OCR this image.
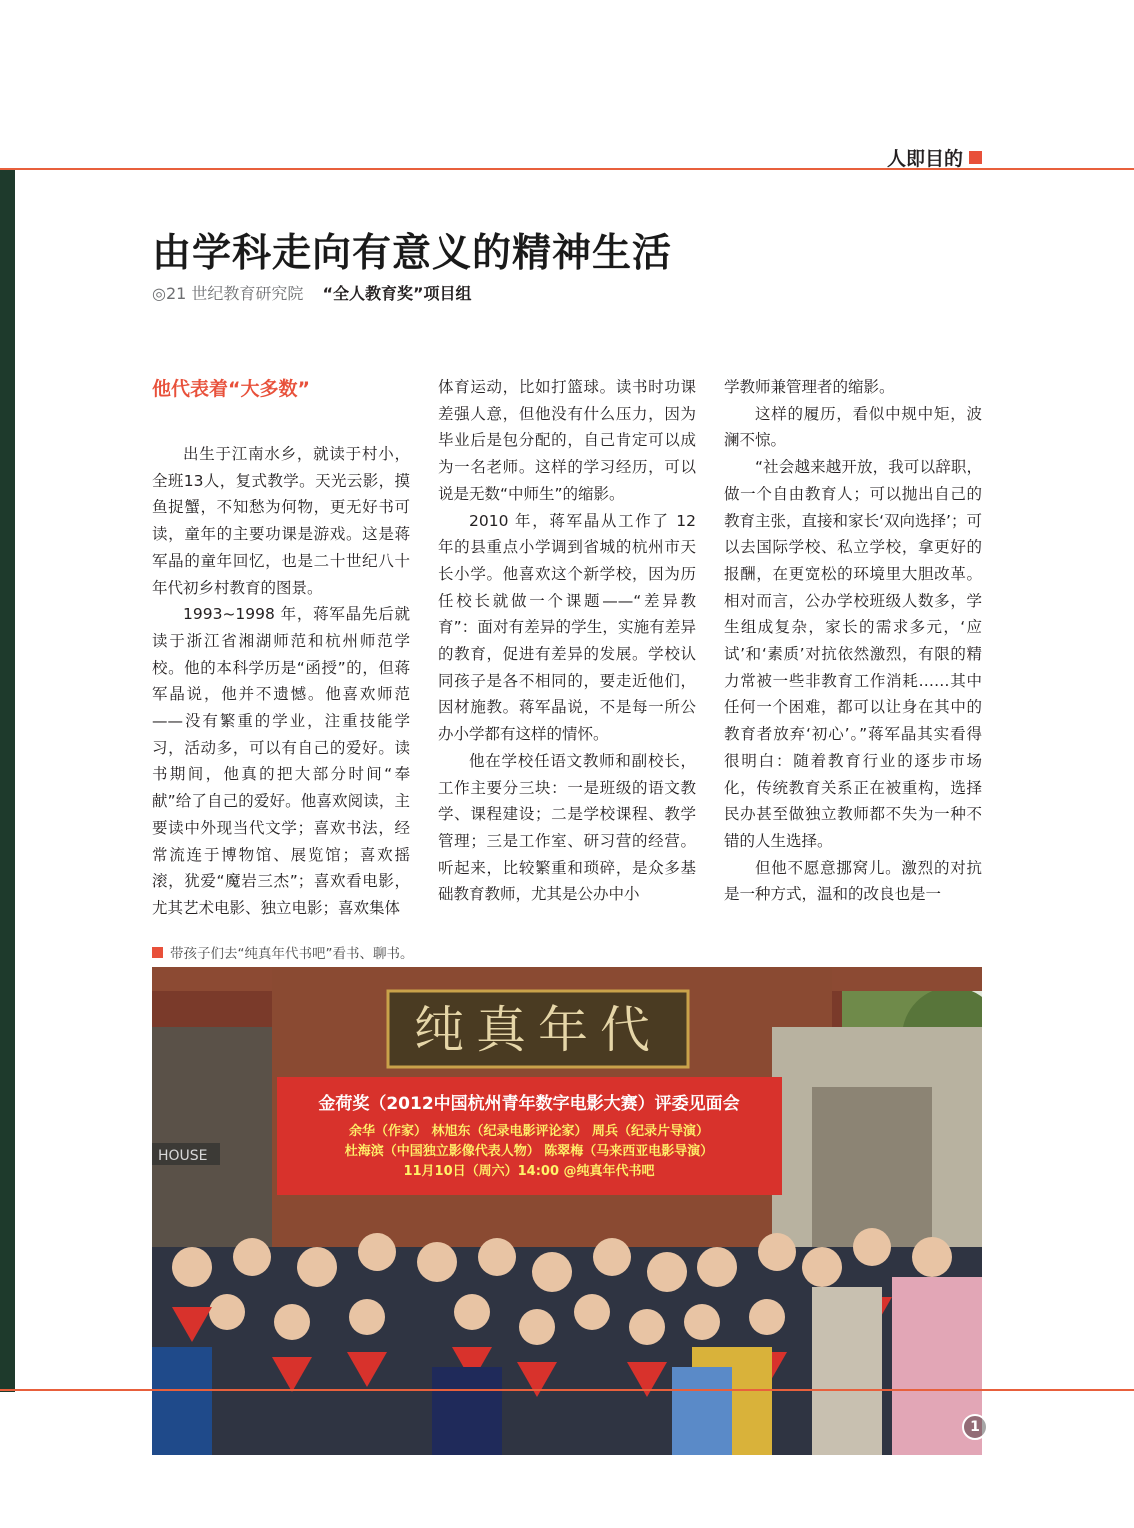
人即目的
由学科走向有意义的精神生活
◎21 世纪教育研究院 “全人教育奖”项目组
他代表着“大多数”

出生于江南水乡，就读于村小，全班13人，复式教学。天光云影，摸鱼捉蟹，不知愁为何物，更无好书可读，童年的主要功课是游戏。这是蒋军晶的童年回忆，也是二十世纪八十年代初乡村教育的图景。

1993~1998 年，蒋军晶先后就读于浙江省湘湖师范和杭州师范学校。他的本科学历是“函授”的，但蒋军晶说，他并不遗憾。他喜欢师范——没有繁重的学业，注重技能学习，活动多，可以有自己的爱好。读书期间，他真的把大部分时间“奉献”给了自己的爱好。他喜欢阅读，主要读中外现当代文学；喜欢书法，经常流连于博物馆、展览馆；喜欢摇滚，犹爱“魔岩三杰”；喜欢看电影，尤其艺术电影、独立电影；喜欢集体

体育运动，比如打篮球。读书时功课差强人意，但他没有什么压力，因为毕业后是包分配的，自己肯定可以成为一名老师。这样的学习经历，可以说是无数“中师生”的缩影。

2010 年，蒋军晶从工作了 12 年的县重点小学调到省城的杭州市天长小学。他喜欢这个新学校，因为历任校长就做一个课题——“差异教育”：面对有差异的学生，实施有差异的教育，促进有差异的发展。学校认同孩子是各不相同的，要走近他们，因材施教。蒋军晶说，不是每一所公办小学都有这样的情怀。

他在学校任语文教师和副校长，工作主要分三块：一是班级的语文教学、课程建设；二是学校课程、教学管理；三是工作室、研习营的经营。听起来，比较繁重和琐碎，是众多基础教育教师，尤其是公办中小

学教师兼管理者的缩影。

这样的履历，看似中规中矩，波澜不惊。

“社会越来越开放，我可以辞职，做一个自由教育人；可以抛出自己的教育主张，直接和家长‘双向选择’；可以去国际学校、私立学校，拿更好的报酬，在更宽松的环境里大胆改革。相对而言，公办学校班级人数多，学生组成复杂，家长的需求多元，‘应试’和‘素质’对抗依然激烈，有限的精力常被一些非教育工作消耗……其中任何一个困难，都可以让身在其中的教育者放弃‘初心’。”蒋军晶其实看得很明白：随着教育行业的逐步市场化，传统教育关系正在被重构，选择民办甚至做独立教师都不失为一种不错的人生选择。

但他不愿意挪窝儿。激烈的对抗是一种方式，温和的改良也是一

带孩子们去“纯真年代书吧”看书、聊书。
纯真年代
金荷奖（2012中国杭州青年数字电影大赛）评委见面会
余华（作家） 林旭东（纪录电影评论家） 周兵（纪录片导演）
杜海滨（中国独立影像代表人物） 陈翠梅（马来西亚电影导演）
11月10日（周六）14:00 @纯真年代书吧
HOUSE
1
